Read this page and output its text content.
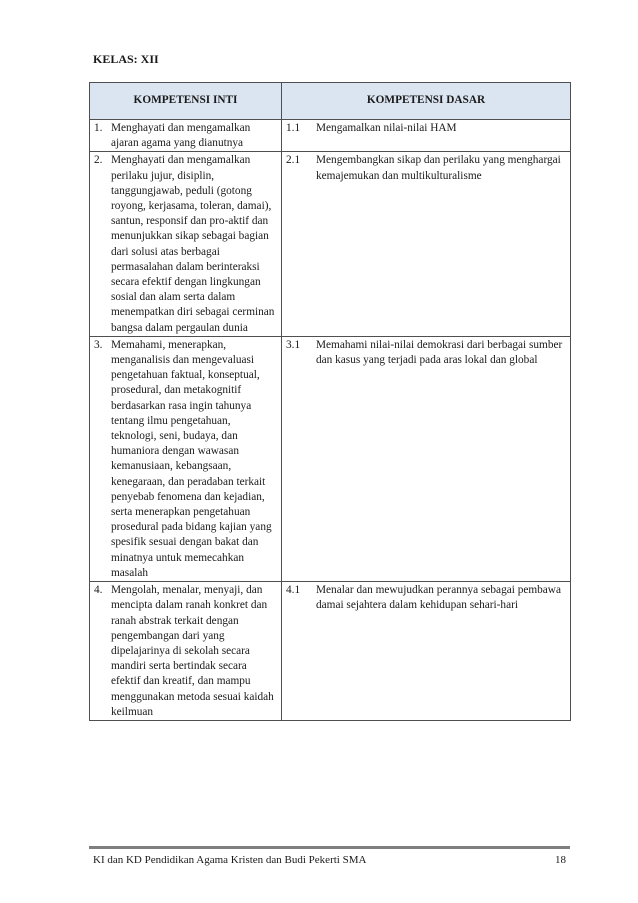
KELAS: XII
KOMPETENSI INTI	KOMPETENSI DASAR

1. Menghayati dan mengamalkan ajaran agama yang dianutnya	1.1 Mengamalkan nilai-nilai HAM

2. Menghayati dan mengamalkan perilaku jujur, disiplin, tanggungjawab, peduli (gotong royong, kerjasama, toleran, damai), santun, responsif dan pro-aktif dan menunjukkan sikap sebagai bagian dari solusi atas berbagai permasalahan dalam berinteraksi secara efektif dengan lingkungan sosial dan alam serta dalam menempatkan diri sebagai cerminan bangsa dalam pergaulan dunia	2.1 Mengembangkan sikap dan perilaku yang menghargai kemajemukan dan multikulturalisme

3. Memahami, menerapkan, menganalisis dan mengevaluasi pengetahuan faktual, konseptual, prosedural, dan metakognitif berdasarkan rasa ingin tahunya tentang ilmu pengetahuan, teknologi, seni, budaya, dan humaniora dengan wawasan kemanusiaan, kebangsaan, kenegaraan, dan peradaban terkait penyebab fenomena dan kejadian, serta menerapkan pengetahuan prosedural pada bidang kajian yang spesifik sesuai dengan bakat dan minatnya untuk memecahkan masalah	3.1 Memahami nilai-nilai demokrasi dari berbagai sumber dan kasus yang terjadi pada aras lokal dan global

4. Mengolah, menalar, menyaji, dan mencipta dalam ranah konkret dan ranah abstrak terkait dengan pengembangan dari yang dipelajarinya di sekolah secara mandiri serta bertindak secara efektif dan kreatif, dan mampu menggunakan metoda sesuai kaidah keilmuan	4.1 Menalar dan mewujudkan perannya sebagai pembawa damai sejahtera dalam kehidupan sehari-hari
KI dan KD Pendidikan Agama Kristen dan Budi Pekerti SMA	18
